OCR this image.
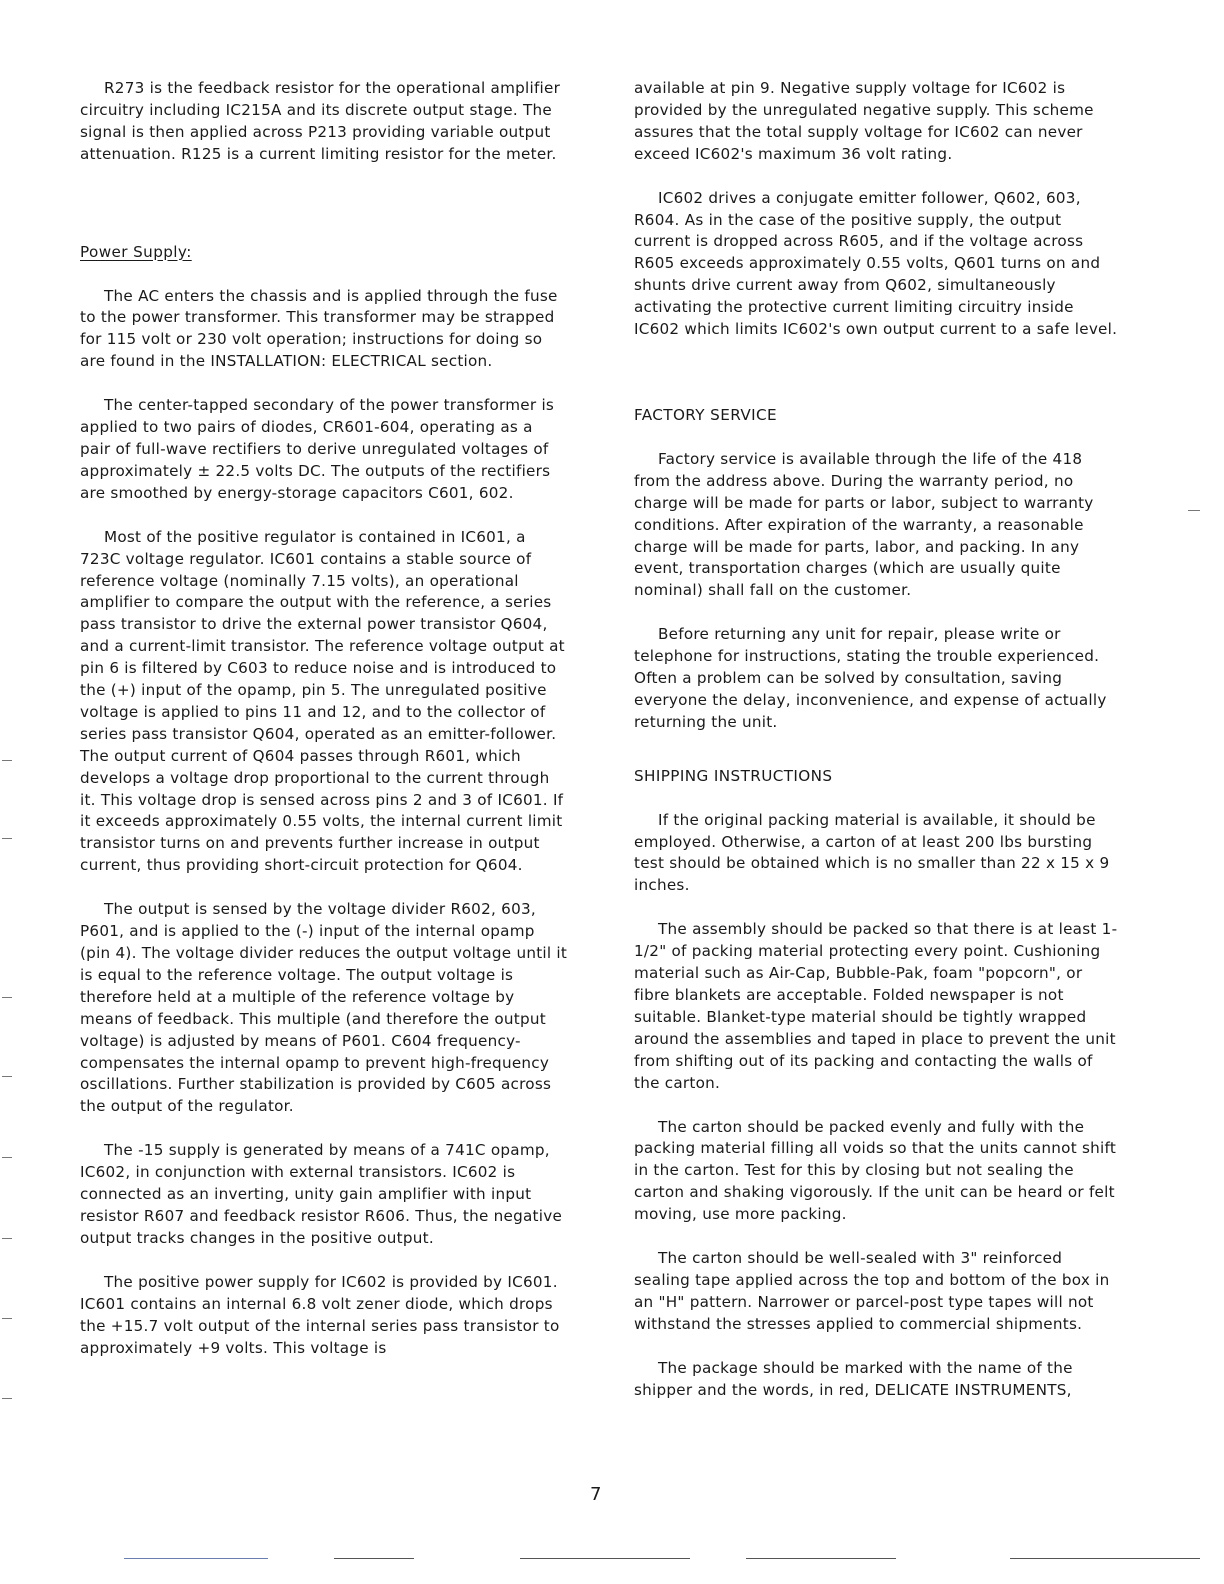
R273 is the feedback resistor for the operational amplifier circuitry including IC215A and its discrete output stage. The signal is then applied across P213 providing variable output attenuation. R125 is a current limiting resistor for the meter.

Power Supply:

The AC enters the chassis and is applied through the fuse to the power transformer. This transformer may be strapped for 115 volt or 230 volt operation; instructions for doing so are found in the INSTALLATION: ELECTRICAL section.

The center-tapped secondary of the power transformer is applied to two pairs of diodes, CR601-604, operating as a pair of full-wave rectifiers to derive unregulated voltages of approximately ± 22.5 volts DC. The outputs of the rectifiers are smoothed by energy-storage capacitors C601, 602.

Most of the positive regulator is contained in IC601, a 723C voltage regulator. IC601 contains a stable source of reference voltage (nominally 7.15 volts), an operational amplifier to compare the output with the reference, a series pass transistor to drive the external power transistor Q604, and a current-limit transistor. The reference voltage output at pin 6 is filtered by C603 to reduce noise and is introduced to the (+) input of the opamp, pin 5. The unregulated positive voltage is applied to pins 11 and 12, and to the collector of series pass transistor Q604, operated as an emitter-follower. The output current of Q604 passes through R601, which develops a voltage drop proportional to the current through it. This voltage drop is sensed across pins 2 and 3 of IC601. If it exceeds approximately 0.55 volts, the internal current limit transistor turns on and prevents further increase in output current, thus providing short-circuit protection for Q604.

The output is sensed by the voltage divider R602, 603, P601, and is applied to the (-) input of the internal opamp (pin 4). The voltage divider reduces the output voltage until it is equal to the reference voltage. The output voltage is therefore held at a multiple of the reference voltage by means of feedback. This multiple (and therefore the output voltage) is adjusted by means of P601. C604 frequency-compensates the internal opamp to prevent high-frequency oscillations. Further stabilization is provided by C605 across the output of the regulator.

The -15 supply is generated by means of a 741C opamp, IC602, in conjunction with external transistors. IC602 is connected as an inverting, unity gain amplifier with input resistor R607 and feedback resistor R606. Thus, the negative output tracks changes in the positive output.

The positive power supply for IC602 is provided by IC601. IC601 contains an internal 6.8 volt zener diode, which drops the +15.7 volt output of the internal series pass transistor to approximately +9 volts. This voltage is

available at pin 9. Negative supply voltage for IC602 is provided by the unregulated negative supply. This scheme assures that the total supply voltage for IC602 can never exceed IC602's maximum 36 volt rating.

IC602 drives a conjugate emitter follower, Q602, 603, R604. As in the case of the positive supply, the output current is dropped across R605, and if the voltage across R605 exceeds approximately 0.55 volts, Q601 turns on and shunts drive current away from Q602, simultaneously activating the protective current limiting circuitry inside IC602 which limits IC602's own output current to a safe level.

FACTORY SERVICE

Factory service is available through the life of the 418 from the address above. During the warranty period, no charge will be made for parts or labor, subject to warranty conditions. After expiration of the warranty, a reasonable charge will be made for parts, labor, and packing. In any event, transportation charges (which are usually quite nominal) shall fall on the customer.

Before returning any unit for repair, please write or telephone for instructions, stating the trouble experienced. Often a problem can be solved by consultation, saving everyone the delay, inconvenience, and expense of actually returning the unit.

SHIPPING INSTRUCTIONS

If the original packing material is available, it should be employed. Otherwise, a carton of at least 200 lbs bursting test should be obtained which is no smaller than 22 x 15 x 9 inches.

The assembly should be packed so that there is at least 1-1/2" of packing material protecting every point. Cushioning material such as Air-Cap, Bubble-Pak, foam "popcorn", or fibre blankets are acceptable. Folded newspaper is not suitable. Blanket-type material should be tightly wrapped around the assemblies and taped in place to prevent the unit from shifting out of its packing and contacting the walls of the carton.

The carton should be packed evenly and fully with the packing material filling all voids so that the units cannot shift in the carton. Test for this by closing but not sealing the carton and shaking vigorously. If the unit can be heard or felt moving, use more packing.

The carton should be well-sealed with 3" reinforced sealing tape applied across the top and bottom of the box in an "H" pattern. Narrower or parcel-post type tapes will not withstand the stresses applied to commercial shipments.

The package should be marked with the name of the shipper and the words, in red, DELICATE INSTRUMENTS,

7
